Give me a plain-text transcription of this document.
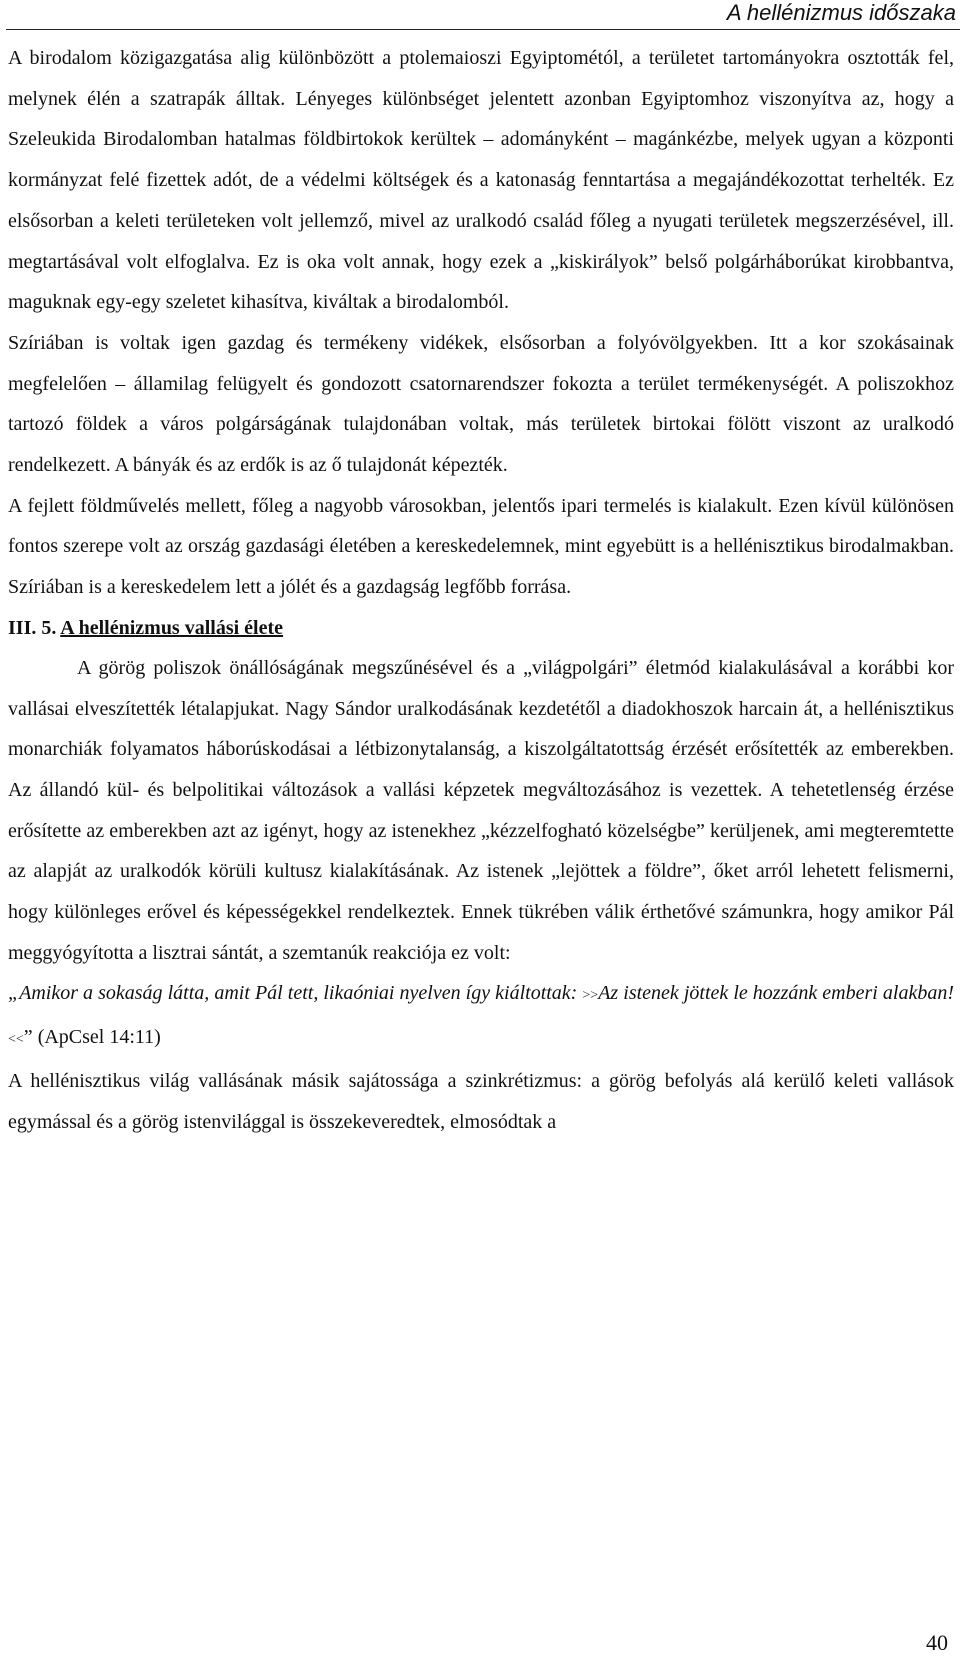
A hellénizmus időszaka

A birodalom közigazgatása alig különbözött a ptolemaioszi Egyiptométól, a területet tartományokra osztották fel, melynek élén a szatrapák álltak. Lényeges különbséget jelentett azonban Egyiptomhoz viszonyítva az, hogy a Szeleukida Birodalomban hatalmas földbirtokok kerültek – adományként – magánkézbe, melyek ugyan a központi kormányzat felé fizettek adót, de a védelmi költségek és a katonaság fenntartása a megajándékozottat terhelték. Ez elsősorban a keleti területeken volt jellemző, mivel az uralkodó család főleg a nyugati területek megszerzésével, ill. megtartásával volt elfoglalva. Ez is oka volt annak, hogy ezek a „kiskirályok” belső polgárháborúkat kirobbantva, maguknak egy-egy szeletet kihasítva, kiváltak a birodalomból.

Szíriában is voltak igen gazdag és termékeny vidékek, elsősorban a folyóvölgyekben. Itt a kor szokásainak megfelelően – államilag felügyelt és gondozott csatornarendszer fokozta a terület termékenységét. A poliszokhoz tartozó földek a város polgárságának tulajdonában voltak, más területek birtokai fölött viszont az uralkodó rendelkezett. A bányák és az erdők is az ő tulajdonát képezték.

A fejlett földművelés mellett, főleg a nagyobb városokban, jelentős ipari termelés is kialakult. Ezen kívül különösen fontos szerepe volt az ország gazdasági életében a kereskedelemnek, mint egyebütt is a hellénisztikus birodalmakban. Szíriában is a kereskedelem lett a jólét és a gazdagság legfőbb forrása.

III. 5. A hellénizmus vallási élete

A görög poliszok önállóságának megszűnésével és a „világpolgári” életmód kialakulásával a korábbi kor vallásai elveszítették létalapjukat. Nagy Sándor uralkodásának kezdetétől a diadokhoszok harcain át, a hellénisztikus monarchiák folyamatos háborúskodásai a létbizonytalanság, a kiszolgáltatottság érzését erősítették az emberekben. Az állandó kül- és belpolitikai változások a vallási képzetek megváltozásához is vezettek. A tehetetlenség érzése erősítette az emberekben azt az igényt, hogy az istenekhez „kézzelfogható közelségbe” kerüljenek, ami megteremtette az alapját az uralkodók körüli kultusz kialakításának. Az istenek „lejöttek a földre”, őket arról lehetett felismerni, hogy különleges erővel és képességekkel rendelkeztek. Ennek tükrében válik érthetővé számunkra, hogy amikor Pál meggyógyította a lisztrai sántát, a szemtanúk reakciója ez volt:

„Amikor a sokaság látta, amit Pál tett, likaóniai nyelven így kiáltottak: >>Az istenek jöttek le hozzánk emberi alakban!<<” (ApCsel 14:11)

A hellénisztikus világ vallásának másik sajátossága a szinkrétizmus: a görög befolyás alá kerülő keleti vallások egymással és a görög istenvilággal is összekeveredtek, elmosódtak a

40
